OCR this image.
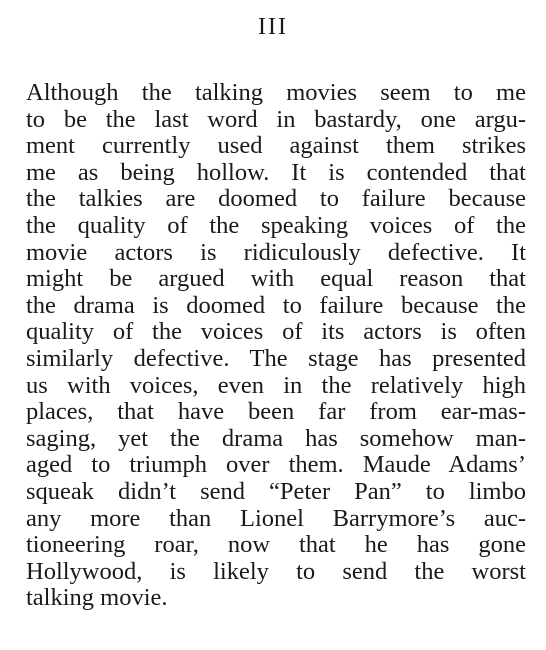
III
Although the talking movies seem to me
to be the last word in bastardy, one argu-
ment currently used against them strikes
me as being hollow. It is contended that
the talkies are doomed to failure because
the quality of the speaking voices of the
movie actors is ridiculously defective. It
might be argued with equal reason that
the drama is doomed to failure because the
quality of the voices of its actors is often
similarly defective. The stage has presented
us with voices, even in the relatively high
places, that have been far from ear-mas-
saging, yet the drama has somehow man-
aged to triumph over them. Maude Adams’
squeak didn’t send “Peter Pan” to limbo
any more than Lionel Barrymore’s auc-
tioneering roar, now that he has gone
Hollywood, is likely to send the worst
talking movie.
